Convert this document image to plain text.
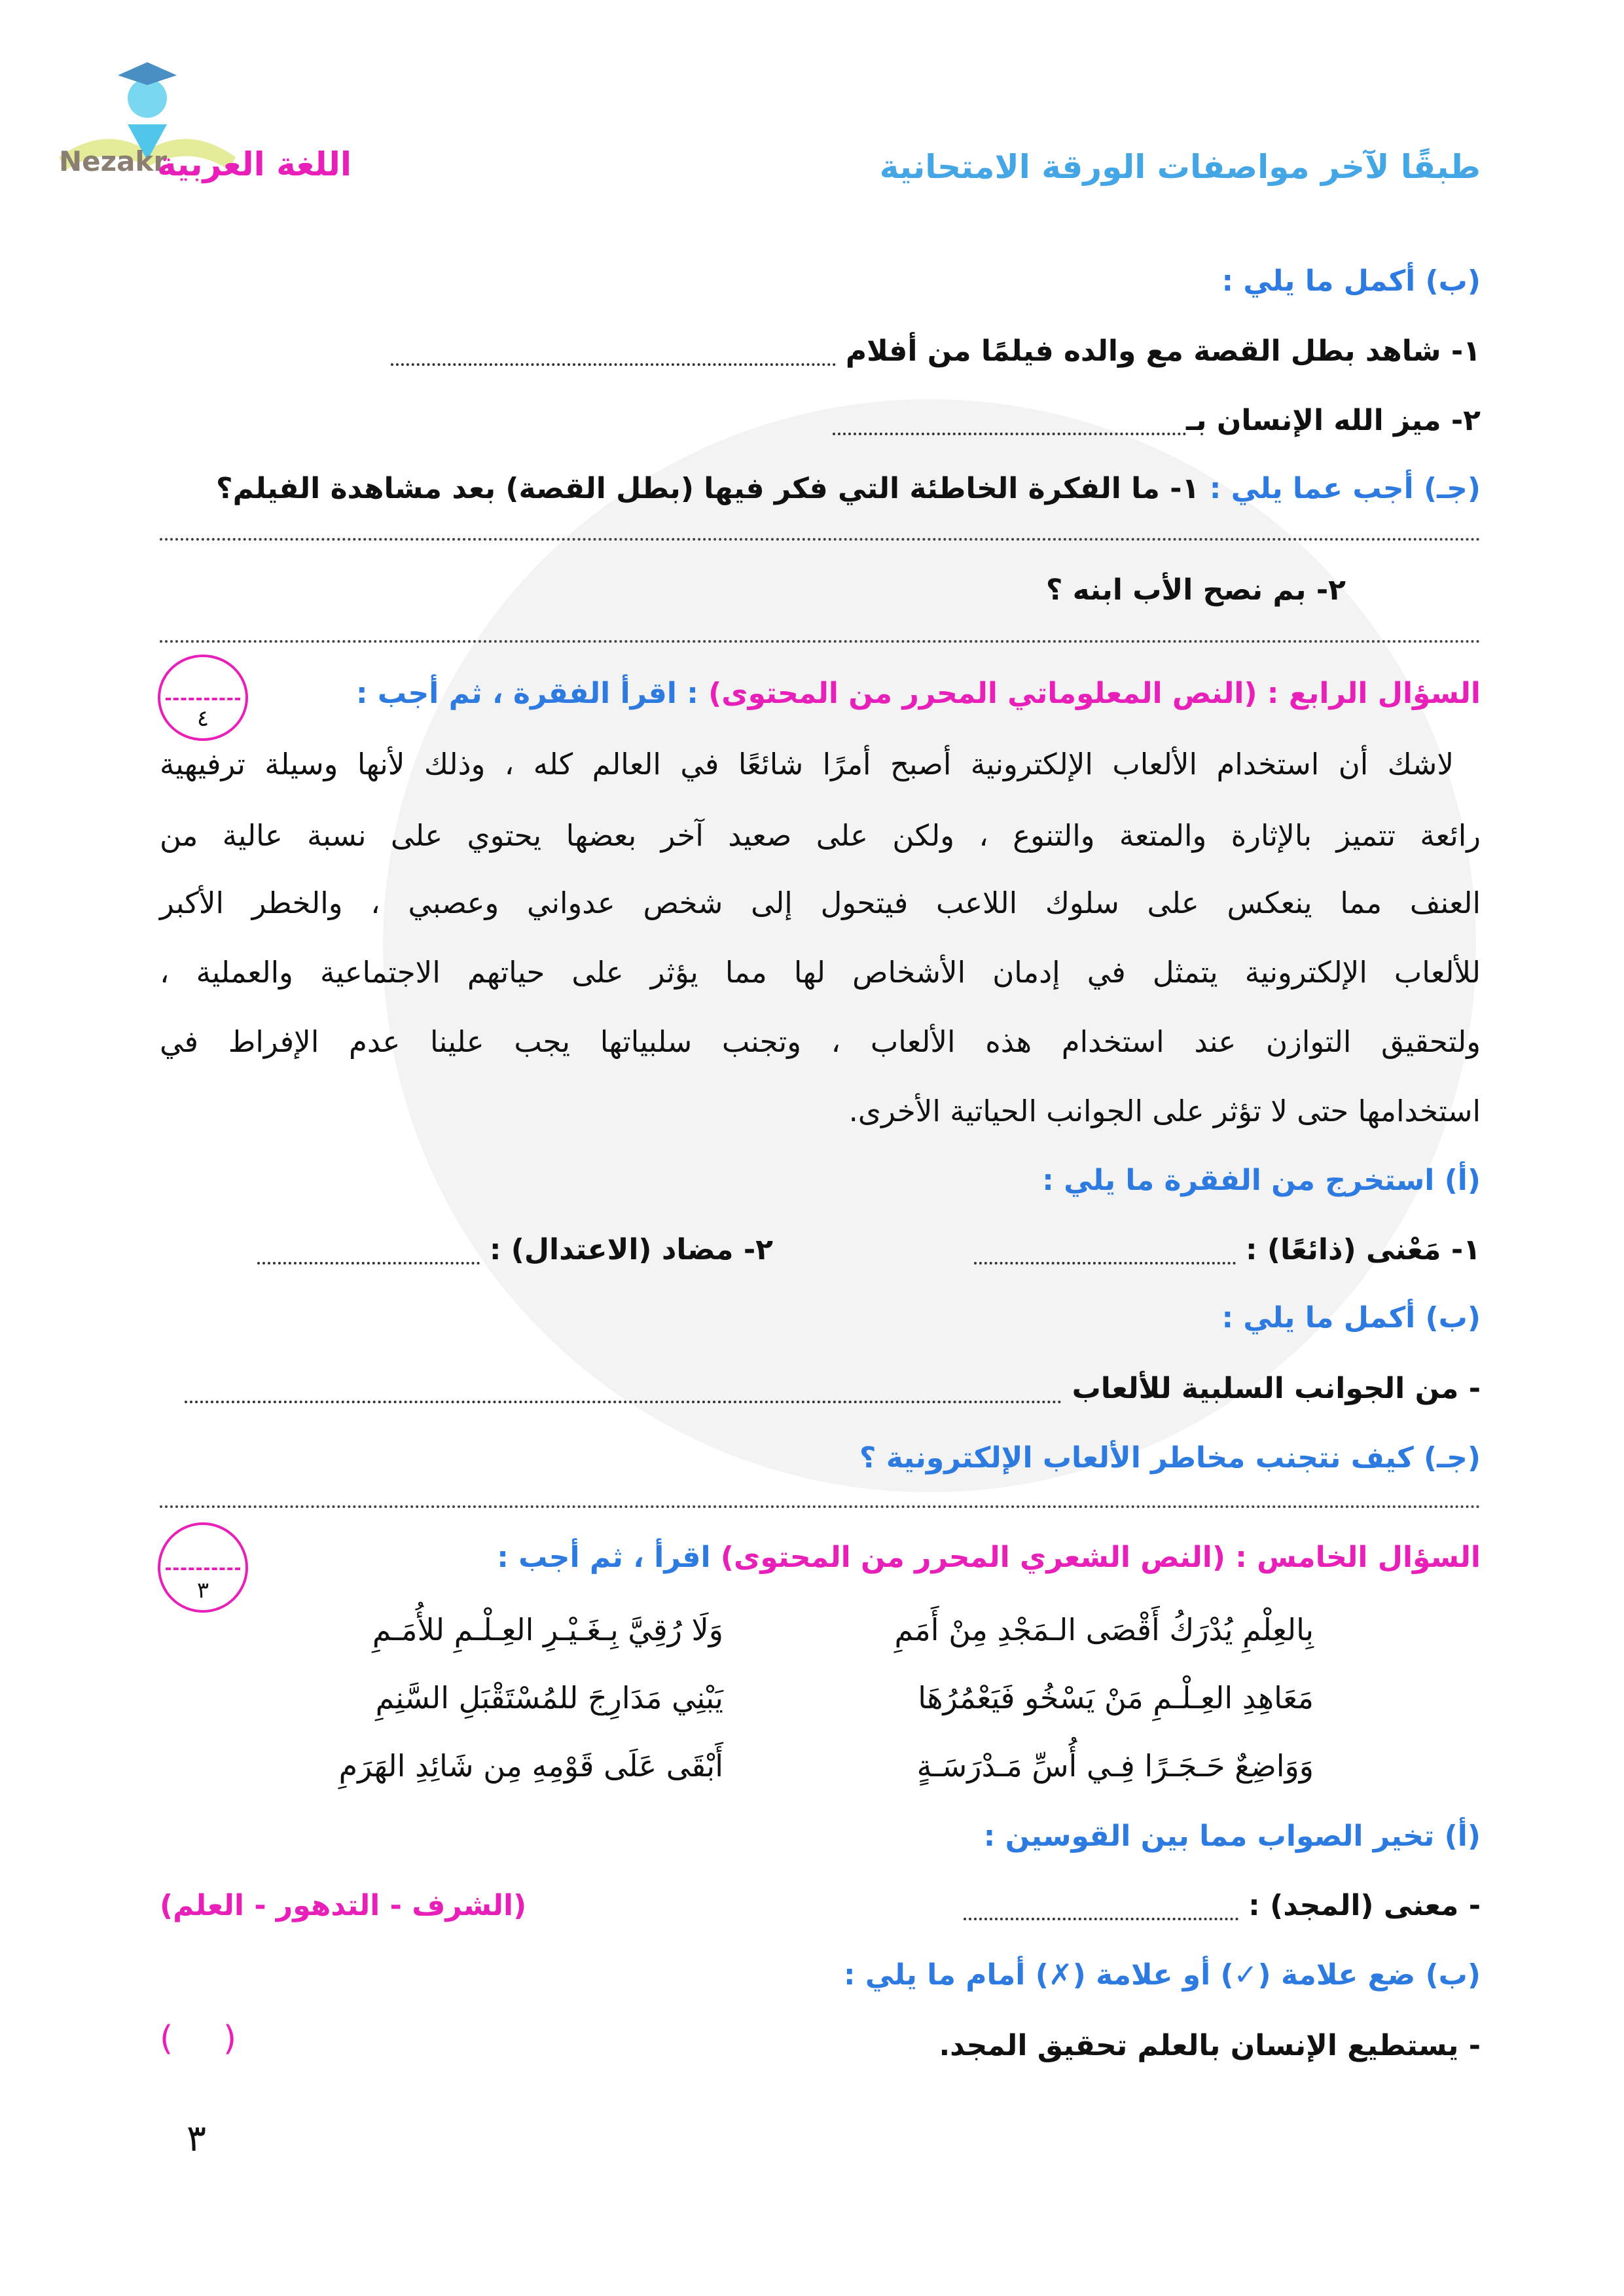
Nezakr
اللغة العربية	طبقًا لآخر مواصفات الورقة الامتحانية
(ب) أكمل ما يلي :
١- شاهد بطل القصة مع والده فيلمًا من أفلام
٢- ميز الله الإنسان بـ
(جـ) أجب عما يلي : ١- ما الفكرة الخاطئة التي فكر فيها (بطل القصة) بعد مشاهدة الفيلم؟
٢- بم نصح الأب ابنه ؟
٤
السؤال الرابع : (النص المعلوماتي المحرر من المحتوى) : اقرأ الفقرة ، ثم أجب :
لاشك أن استخدام الألعاب الإلكترونية أصبح أمرًا شائعًا في العالم كله ، وذلك لأنها وسيلة ترفيهية
رائعة تتميز بالإثارة والمتعة والتنوع ، ولكن على صعيد آخر بعضها يحتوي على نسبة عالية من
العنف مما ينعكس على سلوك اللاعب فيتحول إلى شخص عدواني وعصبي ، والخطر الأكبر
للألعاب الإلكترونية يتمثل في إدمان الأشخاص لها مما يؤثر على حياتهم الاجتماعية والعملية ،
ولتحقيق التوازن عند استخدام هذه الألعاب ، وتجنب سلبياتها يجب علينا عدم الإفراط في
استخدامها حتى لا تؤثر على الجوانب الحياتية الأخرى.
(أ) استخرج من الفقرة ما يلي :
١- مَعْنى (ذائعًا) :
٢- مضاد (الاعتدال) :
(ب) أكمل ما يلي :
- من الجوانب السلبية للألعاب
(جـ) كيف نتجنب مخاطر الألعاب الإلكترونية ؟
٣
السؤال الخامس : (النص الشعري المحرر من المحتوى) اقرأ ، ثم أجب :
بِالعِلْمِ يُدْرَكُ أَقْصَى الـمَجْدِ مِنْ أَمَمِ
وَلَا رُقِيَّ بِـغَـيْـرِ العِـلْـمِ للأُمَـمِ
مَعَاهِدِ العِـلْـمِ مَنْ يَسْخُو فَيَعْمُرُهَا
يَبْنِي مَدَارِجَ للمُسْتَقْبَلِ السَّنِمِ
وَوَاضِعٌ حَـجَـرًا فِـي أُسِّ مَـدْرَسَـةٍ
أَبْقَى عَلَى قَوْمِهِ مِن شَائِدِ الهَرَمِ
(أ) تخير الصواب مما بين القوسين :
- معنى (المجد) :
(الشرف - التدهور - العلم)
(ب) ضع علامة (✓) أو علامة (✗) أمام ما يلي :
- يستطيع الإنسان بالعلم تحقيق المجد.
( )
٣
